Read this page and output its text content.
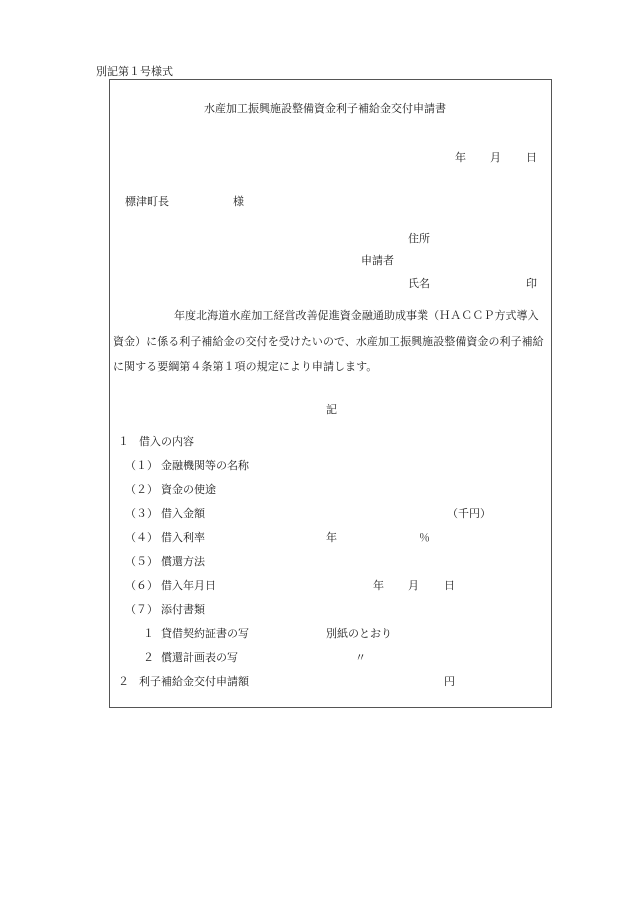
別記第１号様式
水産加工振興施設整備資金利子補給金交付申請書
年 月 日
標津町長	様
住所
申請者
氏名	印
年度北海道水産加工経営改善促進資金融通助成事業（ＨＡＣＣＰ方式導入資金）に係る利子補給金の交付を受けたいので、水産加工振興施設整備資金の利子補給に関する要綱第４条第１項の規定により申請します。
記
１ 借入の内容
（１） 金融機関等の名称
（２） 資金の使途
（３） 借入金額	（千円）
（４） 借入利率	年	％
（５） 償還方法
（６） 借入年月日	年 月 日
（７） 添付書類
１ 貸借契約証書の写	別紙のとおり
２ 償還計画表の写	〃
２ 利子補給金交付申請額	円
